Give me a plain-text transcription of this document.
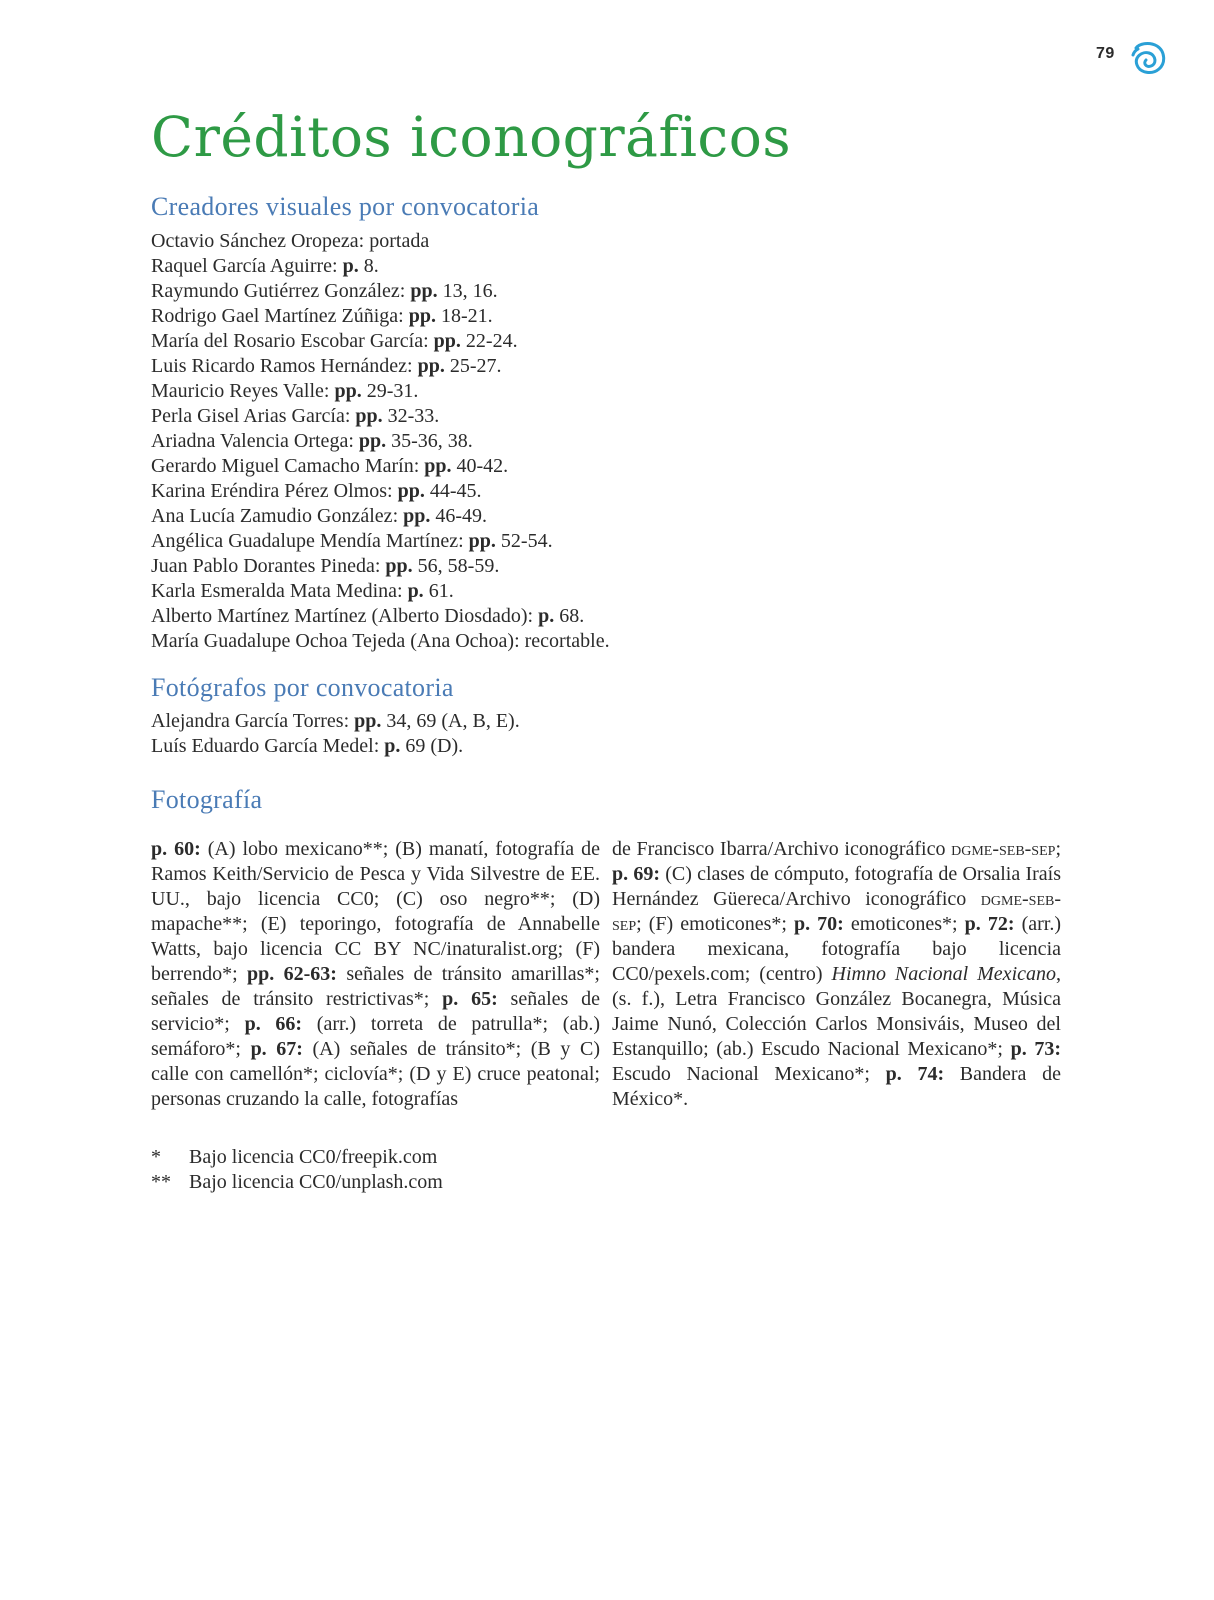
79
Créditos iconográficos
Creadores visuales por convocatoria
Octavio Sánchez Oropeza: portada
Raquel García Aguirre: p. 8.
Raymundo Gutiérrez González: pp. 13, 16.
Rodrigo Gael Martínez Zúñiga: pp. 18-21.
María del Rosario Escobar García: pp. 22-24.
Luis Ricardo Ramos Hernández: pp. 25-27.
Mauricio Reyes Valle: pp. 29-31.
Perla Gisel Arias García: pp. 32-33.
Ariadna Valencia Ortega: pp. 35-36, 38.
Gerardo Miguel Camacho Marín: pp. 40-42.
Karina Eréndira Pérez Olmos: pp. 44-45.
Ana Lucía Zamudio González: pp. 46-49.
Angélica Guadalupe Mendía Martínez: pp. 52-54.
Juan Pablo Dorantes Pineda: pp. 56, 58-59.
Karla Esmeralda Mata Medina: p. 61.
Alberto Martínez Martínez (Alberto Diosdado): p. 68.
María Guadalupe Ochoa Tejeda (Ana Ochoa): recortable.
Fotógrafos por convocatoria
Alejandra García Torres: pp. 34, 69 (A, B, E).
Luís Eduardo García Medel: p. 69 (D).
Fotografía
p. 60: (A) lobo mexicano**; (B) manatí, fotografía de Ramos Keith/Servicio de Pesca y Vida Silvestre de EE. UU., bajo licencia CC0; (C) oso negro**; (D) mapache**; (E) teporingo, fotografía de Annabelle Watts, bajo licencia CC BY NC/inaturalist.org; (F) berrendo*; pp. 62-63: señales de tránsito amarillas*; señales de tránsito restrictivas*; p. 65: señales de servicio*; p. 66: (arr.) torreta de patrulla*; (ab.) semáforo*; p. 67: (A) señales de tránsito*; (B y C) calle con camellón*; ciclovía*; (D y E) cruce peatonal; personas cruzando la calle, fotografías
de Francisco Ibarra/Archivo iconográfico dgme-seb-sep; p. 69: (C) clases de cómputo, fotografía de Orsalia Iraís Hernández Güereca/Archivo iconográfico dgme-seb-sep; (F) emoticones*; p. 70: emoticones*; p. 72: (arr.) bandera mexicana, fotografía bajo licencia CC0/pexels.com; (centro) Himno Nacional Mexicano, (s. f.), Letra Francisco González Bocanegra, Música Jaime Nunó, Colección Carlos Monsiváis, Museo del Estanquillo; (ab.) Escudo Nacional Mexicano*; p. 73: Escudo Nacional Mexicano*; p. 74: Bandera de México*.
*	Bajo licencia CC0/freepik.com
** Bajo licencia CC0/unplash.com
